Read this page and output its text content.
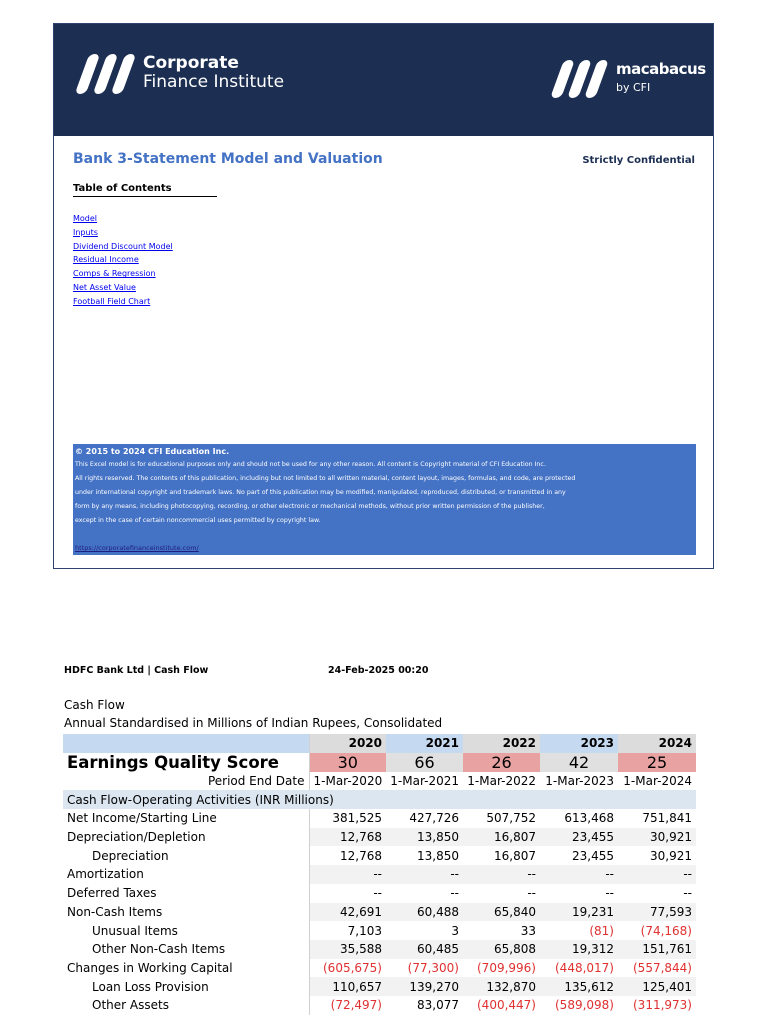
Corporate
Finance Institute
macabacus
by CFI
Bank 3-Statement Model and Valuation	Strictly Confidential
Table of Contents
Model
Inputs
Dividend Discount Model
Residual Income
Comps & Regression
Net Asset Value
Football Field Chart
© 2015 to 2024 CFI Education Inc.
This Excel model is for educational purposes only and should not be used for any other reason. All content is Copyright material of CFI Education Inc.
All rights reserved. The contents of this publication, including but not limited to all written material, content layout, images, formulas, and code, are protected
under international copyright and trademark laws. No part of this publication may be modified, manipulated, reproduced, distributed, or transmitted in any
form by any means, including photocopying, recording, or other electronic or mechanical methods, without prior written permission of the publisher,
except in the case of certain noncommercial uses permitted by copyright law.
https://corporatefinanceinstitute.com/
HDFC Bank Ltd | Cash Flow	24-Feb-2025 00:20
Cash Flow
Annual Standardised in Millions of Indian Rupees, Consolidated
	2020	2021	2022	2023	2024
Earnings Quality Score	30	66	26	42	25
Period End Date	1-Mar-2020	1-Mar-2021	1-Mar-2022	1-Mar-2023	1-Mar-2024
Cash Flow-Operating Activities (INR Millions)					
Net Income/Starting Line	381,525	427,726	507,752	613,468	751,841
Depreciation/Depletion	12,768	13,850	16,807	23,455	30,921
Depreciation	12,768	13,850	16,807	23,455	30,921
Amortization	--	--	--	--	--
Deferred Taxes	--	--	--	--	--
Non-Cash Items	42,691	60,488	65,840	19,231	77,593
Unusual Items	7,103	3	33	(81)	(74,168)
Other Non-Cash Items	35,588	60,485	65,808	19,312	151,761
Changes in Working Capital	(605,675)	(77,300)	(709,996)	(448,017)	(557,844)
Loan Loss Provision	110,657	139,270	132,870	135,612	125,401
Other Assets	(72,497)	83,077	(400,447)	(589,098)	(311,973)
